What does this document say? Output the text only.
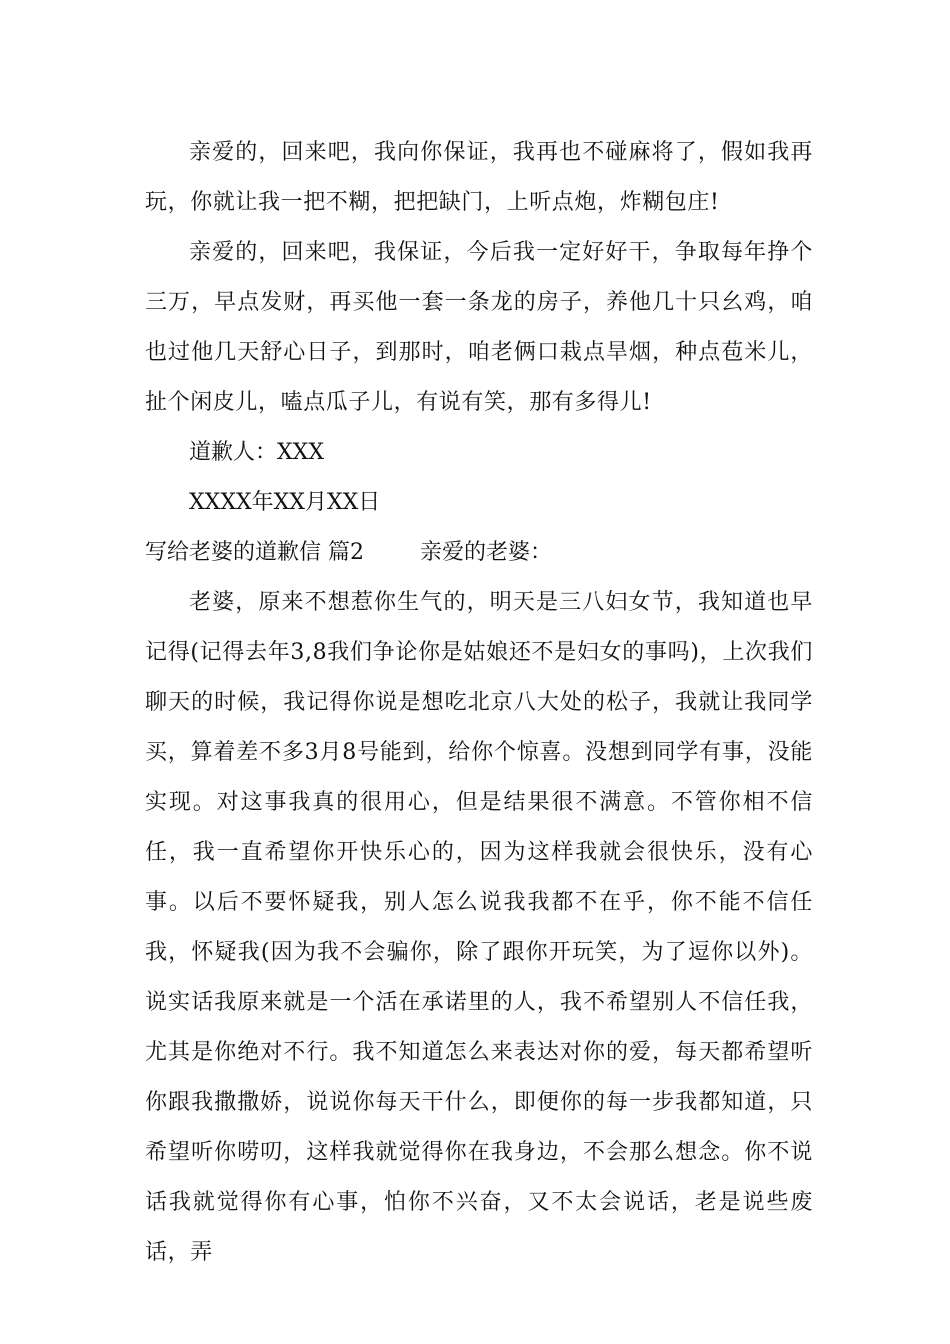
亲爱的，回来吧，我向你保证，我再也不碰麻将了，假如我再玩，你就让我一把不糊，把把缺门，上听点炮，炸糊包庄!

亲爱的，回来吧，我保证，今后我一定好好干，争取每年挣个三万，早点发财，再买他一套一条龙的房子，养他几十只幺鸡，咱也过他几天舒心日子，到那时，咱老俩口栽点旱烟，种点苞米儿，扯个闲皮儿，嗑点瓜子儿，有说有笑，那有多得儿!

道歉人：XXX

XXXX年XX月XX日

写给老婆的道歉信 篇2	亲爱的老婆：

老婆，原来不想惹你生气的，明天是三八妇女节，我知道也早记得(记得去年3,8我们争论你是姑娘还不是妇女的事吗)，上次我们聊天的时候，我记得你说是想吃北京八大处的松子，我就让我同学买，算着差不多3月8号能到，给你个惊喜。没想到同学有事，没能实现。对这事我真的很用心，但是结果很不满意。不管你相不信任，我一直希望你开快乐心的，因为这样我就会很快乐，没有心事。以后不要怀疑我，别人怎么说我我都不在乎，你不能不信任我，怀疑我(因为我不会骗你，除了跟你开玩笑，为了逗你以外)。说实话我原来就是一个活在承诺里的人，我不希望别人不信任我，尤其是你绝对不行。我不知道怎么来表达对你的爱，每天都希望听你跟我撒撒娇，说说你每天干什么，即便你的每一步我都知道，只希望听你唠叨，这样我就觉得你在我身边，不会那么想念。你不说话我就觉得你有心事，怕你不兴奋，又不太会说话，老是说些废话，弄
